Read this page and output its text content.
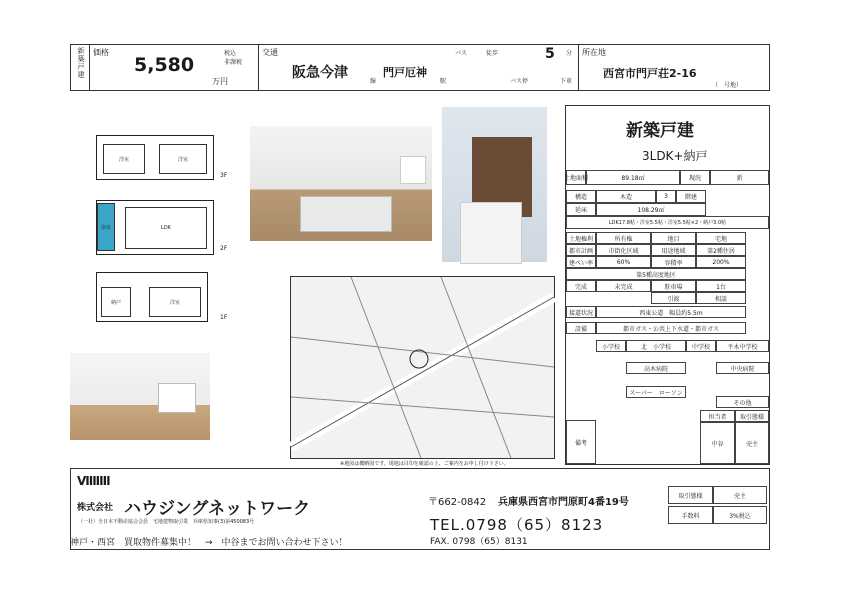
新築戸建 価格
5,580
万円
税込
非課税
交通
阪急今津
線
門戸厄神
駅
バス	徒歩	5 分
バス停	下車
所在地
西宮市門戸荘2-16
（　号地）
洋室	洋室
3F
浴室	LDK
2F
納戸	洋室
1F
※地図は概略図です。現地は目印を確認の上、ご案内をお申し付け下さい。
新築戸建
3LDK+納戸
土地面積	89.18㎡	現況	新
構造	木造	3	階建
延床	108.29㎡
LDK17.8帖・洋室5.5帖・洋室5.5帖×2・納戸3.0帖
土地権利	所有権	地目	宅地
都市計画	市街化区域	用途地域	第2種住居
建ぺい率	60%	容積率	200%
第5種高度地区
完成	未完成	駐車場	1台
引渡	相談
接道状況	西東公道　幅員約5.5m
設備	都市ガス・公共上下水道・都市ガス
小学校	北　小学校	中学校	平木中学校
高木病院	中央病院
スーパー　ローソン
その他
備考
担当者	取引態様
中谷	売主
VIIIIIII
株式会社 ハウジングネットワーク	〒662-0842 兵庫県西宮市門原町4番19号
（一社）全日本不動産協会会員　宅地建物取引業　兵庫県知事(3)第450083号	TEL.0798（65）8123
FAX. 0798（65）8131
神戸・西宮　買取物件募集中！　→　中谷までお問い合わせ下さい！
取引態様	売主
手数料	3%税込
